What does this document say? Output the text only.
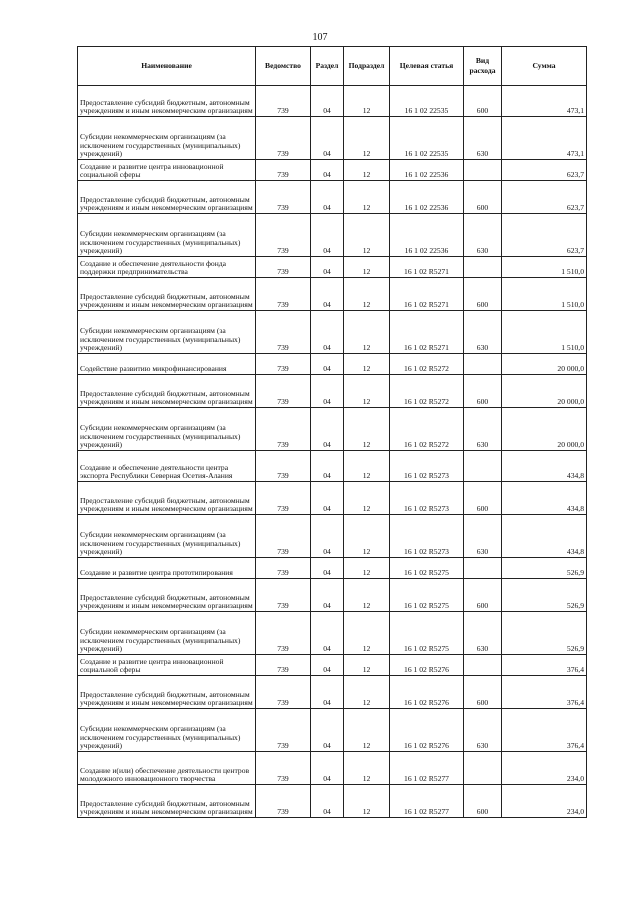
107
Наименование	Ведомство	Раздел	Подраздел	Целевая статья	Вид расхода	Сумма
Предоставление субсидий бюджетным, автономным учреждениям и иным некоммерческим организациям	739	04	12	16 1 02 22535	600	473,1
Субсидии некоммерческим организациям (за исключением государственных (муниципальных) учреждений)	739	04	12	16 1 02 22535	630	473,1
Создание и развитие центра инновационной социальной сферы	739	04	12	16 1 02 22536		623,7
Предоставление субсидий бюджетным, автономным учреждениям и иным некоммерческим организациям	739	04	12	16 1 02 22536	600	623,7
Субсидии некоммерческим организациям (за исключением государственных (муниципальных) учреждений)	739	04	12	16 1 02 22536	630	623,7
Создание и обеспечение деятельности фонда поддержки предпринимательства	739	04	12	16 1 02 R5271		1 510,0
Предоставление субсидий бюджетным, автономным учреждениям и иным некоммерческим организациям	739	04	12	16 1 02 R5271	600	1 510,0
Субсидии некоммерческим организациям (за исключением государственных (муниципальных) учреждений)	739	04	12	16 1 02 R5271	630	1 510,0
Содействие развитию микрофинансирования	739	04	12	16 1 02 R5272		20 000,0
Предоставление субсидий бюджетным, автономным учреждениям и иным некоммерческим организациям	739	04	12	16 1 02 R5272	600	20 000,0
Субсидии некоммерческим организациям (за исключением государственных (муниципальных) учреждений)	739	04	12	16 1 02 R5272	630	20 000,0
Создание и обеспечение деятельности центра экспорта Республики Северная Осетия-Алания	739	04	12	16 1 02 R5273		434,8
Предоставление субсидий бюджетным, автономным учреждениям и иным некоммерческим организациям	739	04	12	16 1 02 R5273	600	434,8
Субсидии некоммерческим организациям (за исключением государственных (муниципальных) учреждений)	739	04	12	16 1 02 R5273	630	434,8
Создание и развитие центра прототипирования	739	04	12	16 1 02 R5275		526,9
Предоставление субсидий бюджетным, автономным учреждениям и иным некоммерческим организациям	739	04	12	16 1 02 R5275	600	526,9
Субсидии некоммерческим организациям (за исключением государственных (муниципальных) учреждений)	739	04	12	16 1 02 R5275	630	526,9
Создание и развитие центра инновационной социальной сферы	739	04	12	16 1 02 R5276		376,4
Предоставление субсидий бюджетным, автономным учреждениям и иным некоммерческим организациям	739	04	12	16 1 02 R5276	600	376,4
Субсидии некоммерческим организациям (за исключением государственных (муниципальных) учреждений)	739	04	12	16 1 02 R5276	630	376,4
Создание и(или) обеспечение деятельности центров молодежного инновационного творчества	739	04	12	16 1 02 R5277		234,0
Предоставление субсидий бюджетным, автономным учреждениям и иным некоммерческим организациям	739	04	12	16 1 02 R5277	600	234,0
